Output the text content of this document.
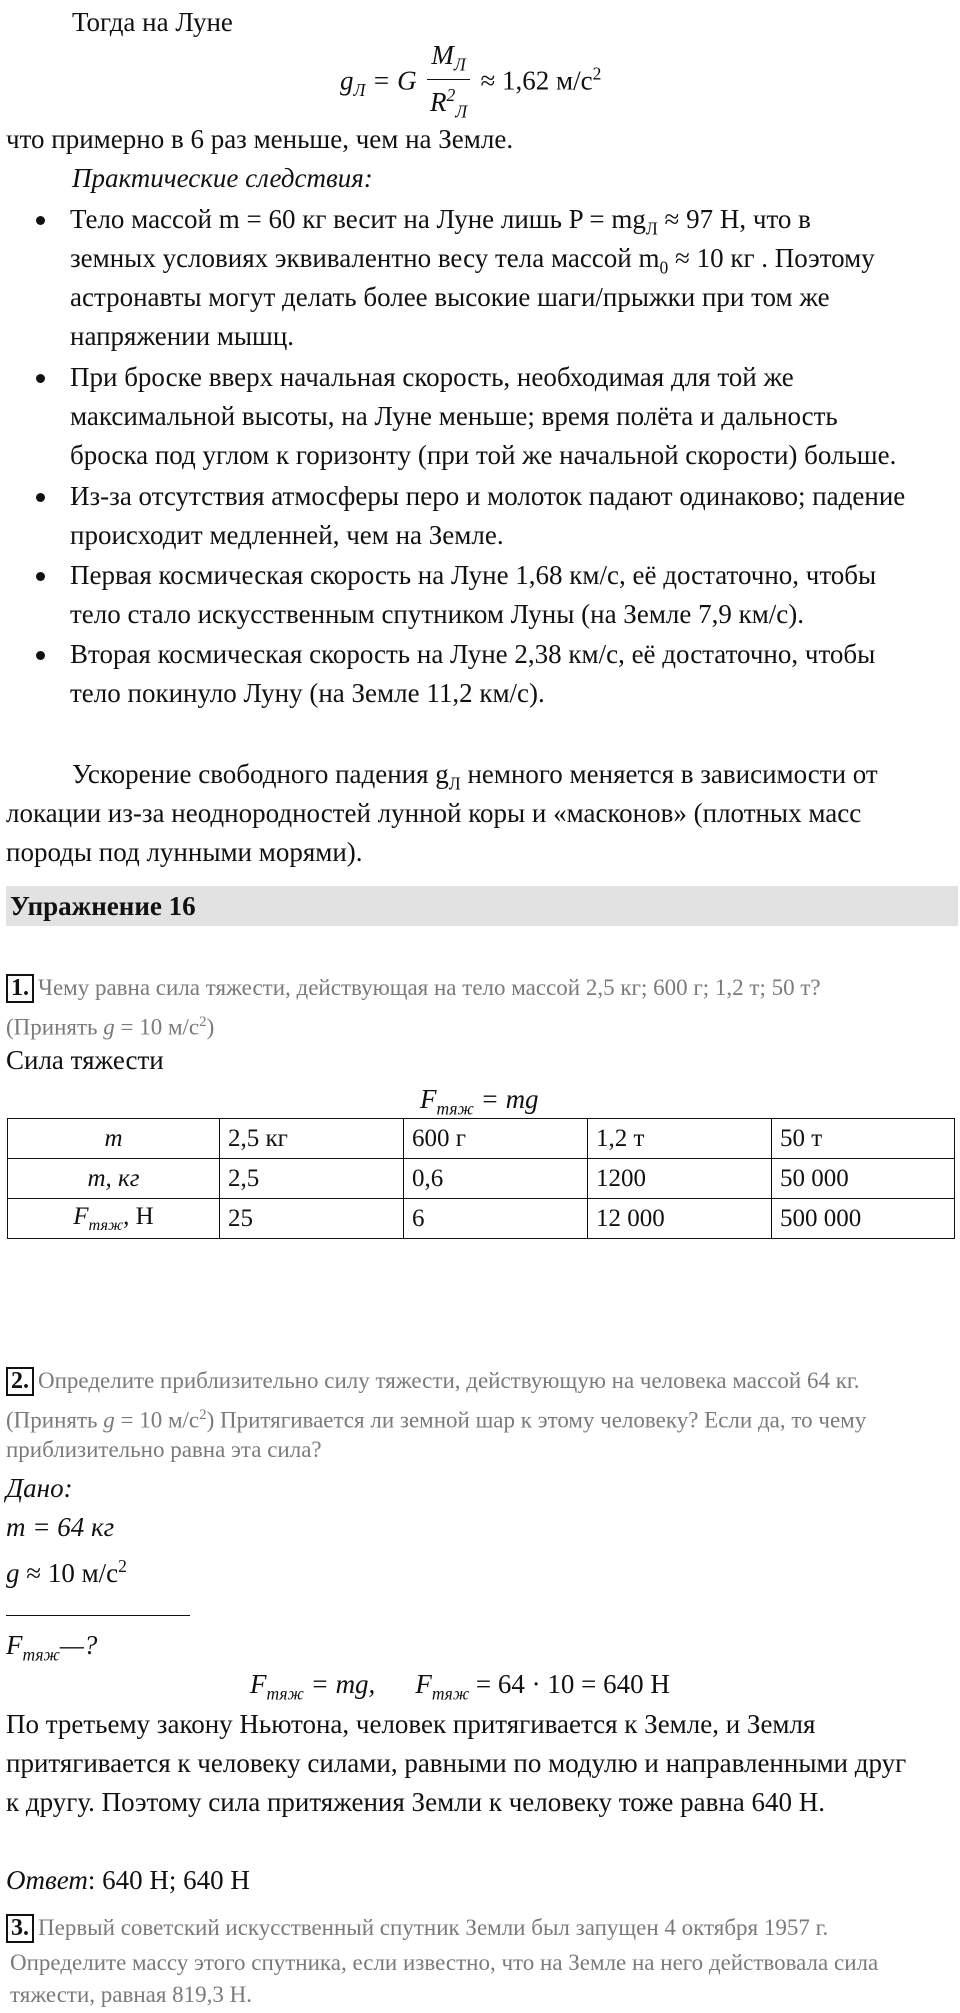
Тогда на Луне
$g_Л = G \frac{M_Л}{R^2_Л} \approx 1,62$ $м/с^2$
что примерно в 6 раз меньше, чем на Земле.
Практические следствия:
Тело массой m = 60 кг весит на Луне лишь $P = mg_Л \approx 97$ Н, что в
земных условиях эквивалентно весу тела массой $m_0 \approx 10$ кг . Поэтому
астронавты могут делать более высокие шаги/прыжки при том же
напряжении мышц.
При броске вверх начальная скорость, необходимая для той же
максимальной высоты, на Луне меньше; время полёта и дальность
броска под углом к горизонту (при той же начальной скорости) больше.
Из-за отсутствия атмосферы перо и молоток падают одинаково; падение
происходит медленней, чем на Земле.
Первая космическая скорость на Луне 1,68 км/с, её достаточно, чтобы
тело стало искусственным спутником Луны (на Земле 7,9 км/с).
Вторая космическая скорость на Луне 2,38 км/с, её достаточно, чтобы
тело покинуло Луну (на Земле 11,2 км/с).
Ускорение свободного падения $g_Л$ немного меняется в зависимости от
локации из-за неоднородностей лунной коры и «масконов» (плотных масс
породы под лунными морями).
Упражнение 16
1. Чему равна сила тяжести, действующая на тело массой 2,5 кг; 600 г; 1,2 т; 50 т?
(Принять g = 10 $м/с^2$)
Сила тяжести
$F_{тяж}$ = mg
m	2,5 кг	600 г	1,2 т	50 т
m, кг	2,5	0,6	1200	50 000
$F_{тяж}$, Н	25	6	12 000	500 000
2. Определите приблизительно силу тяжести, действующую на человека массой 64 кг.
(Принять g = 10 $м/с^2$) Притягивается ли земной шар к этому человеку? Если да, то чему
приблизительно равна эта сила?
Дано:
m = 64 кг
g ≈ 10 $м/с^2$
$F_{тяж}—$?
$F_{тяж}$ = mg, $F_{тяж} = 64 \cdot 10 = 640$ Н
По третьему закону Ньютона, человек притягивается к Земле, и Земля
притягивается к человеку силами, равными по модулю и направленными друг
к другу. Поэтому сила притяжения Земли к человеку тоже равна 640 Н.
Ответ: 640 Н; 640 Н
3. Первый советский искусственный спутник Земли был запущен 4 октября 1957 г.
Определите массу этого спутника, если известно, что на Земле на него действовала сила
тяжести, равная 819,3 Н.
